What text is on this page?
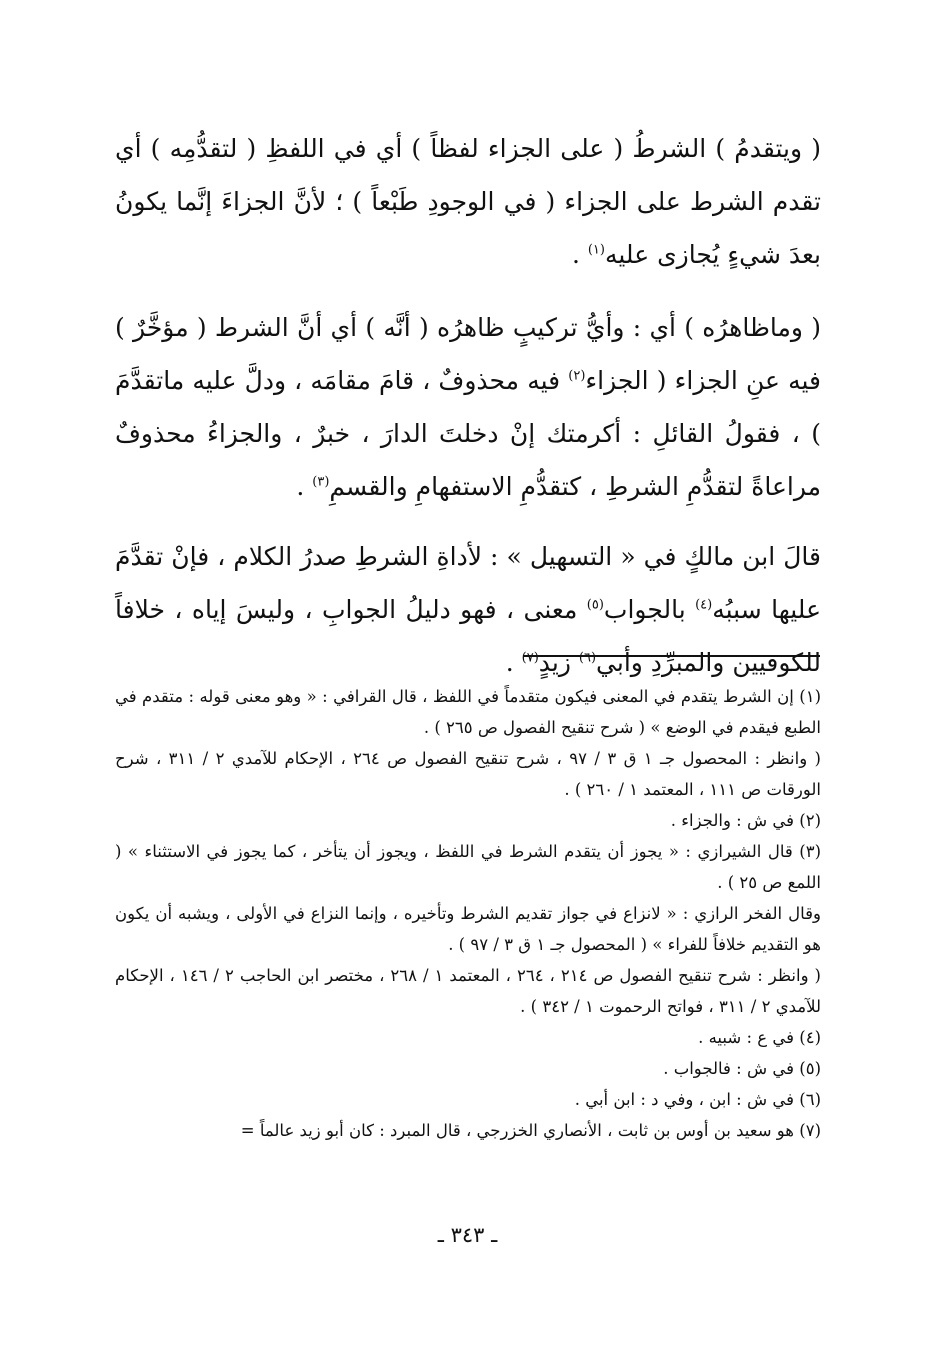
( ويتقدمُ ) الشرطُ ( على الجزاء لفظاً ) أي في اللفظِ ( لتقدُّمِه ) أي تقدم الشرط على الجزاء ( في الوجودِ طَبْعاً ) ؛ لأنَّ الجزاءَ إنَّما يكونُ بعدَ شيءٍ يُجازى عليه$^{(١)}$ .

( وماظاهرُه ) أي : وأيُّ تركيبٍ ظاهرُه ( أنَّه ) أي أنَّ الشرط ( مؤخَّرٌ ) فيه عنِ الجزاء ( الجزاء$^{(٢)}$ فيه محذوفٌ ، قامَ مقامَه ، ودلَّ عليه ماتقدَّمَ ) ، فقولُ القائلِ : أكرمتك إنْ دخلتَ الدارَ ، خبرٌ ، والجزاءُ محذوفٌ مراعاةً لتقدُّمِ الشرطِ ، كتقدُّمِ الاستفهامِ والقسمِ$^{(٣)}$ .

قالَ ابن مالكٍ في « التسهيل » : لأداةِ الشرطِ صدرُ الكلام ، فإنْ تقدَّمَ عليها سببُه$^{(٤)}$ بالجواب$^{(٥)}$ معنى ، فهو دليلُ الجوابِ ، وليسَ إياه ، خلافاً للكوفيين والمبرِّدِ وأبي$^{(٦)}$ زيدٍ$^{(٧)}$ .

(١) إن الشرط يتقدم في المعنى فيكون متقدماً في اللفظ ، قال القرافي : « وهو معنى قوله : متقدم في الطبع فيقدم في الوضع » ( شرح تنقيح الفصول ص ٢٦٥ ) .

( وانظر : المحصول جـ ١ ق ٣ / ٩٧ ، شرح تنقيح الفصول ص ٢٦٤ ، الإحكام للآمدي ٢ / ٣١١ ، شرح الورقات ص ١١١ ، المعتمد ١ / ٢٦٠ ) .

(٢) في ش : والجزاء .

(٣) قال الشيرازي : « يجوز أن يتقدم الشرط في اللفظ ، ويجوز أن يتأخر ، كما يجوز في الاستثناء » ( اللمع ص ٢٥ ) .

وقال الفخر الرازي : « لانزاع في جواز تقديم الشرط وتأخيره ، وإنما النزاع في الأولى ، ويشبه أن يكون هو التقديم خلافاً للفراء » ( المحصول جـ ١ ق ٣ / ٩٧ ) .

( وانظر : شرح تنقيح الفصول ص ٢١٤ ، ٢٦٤ ، المعتمد ١ / ٢٦٨ ، مختصر ابن الحاجب ٢ / ١٤٦ ، الإحكام للآمدي ٢ / ٣١١ ، فواتح الرحموت ١ / ٣٤٢ ) .

(٤) في ع : شبيه .

(٥) في ش : فالجواب .

(٦) في ش : ابن ، وفي د : ابن أبي .

(٧) هو سعيد بن أوس بن ثابت ، الأنصاري الخزرجي ، قال المبرد : كان أبو زيد عالماً =

ـ ٣٤٣ ـ
